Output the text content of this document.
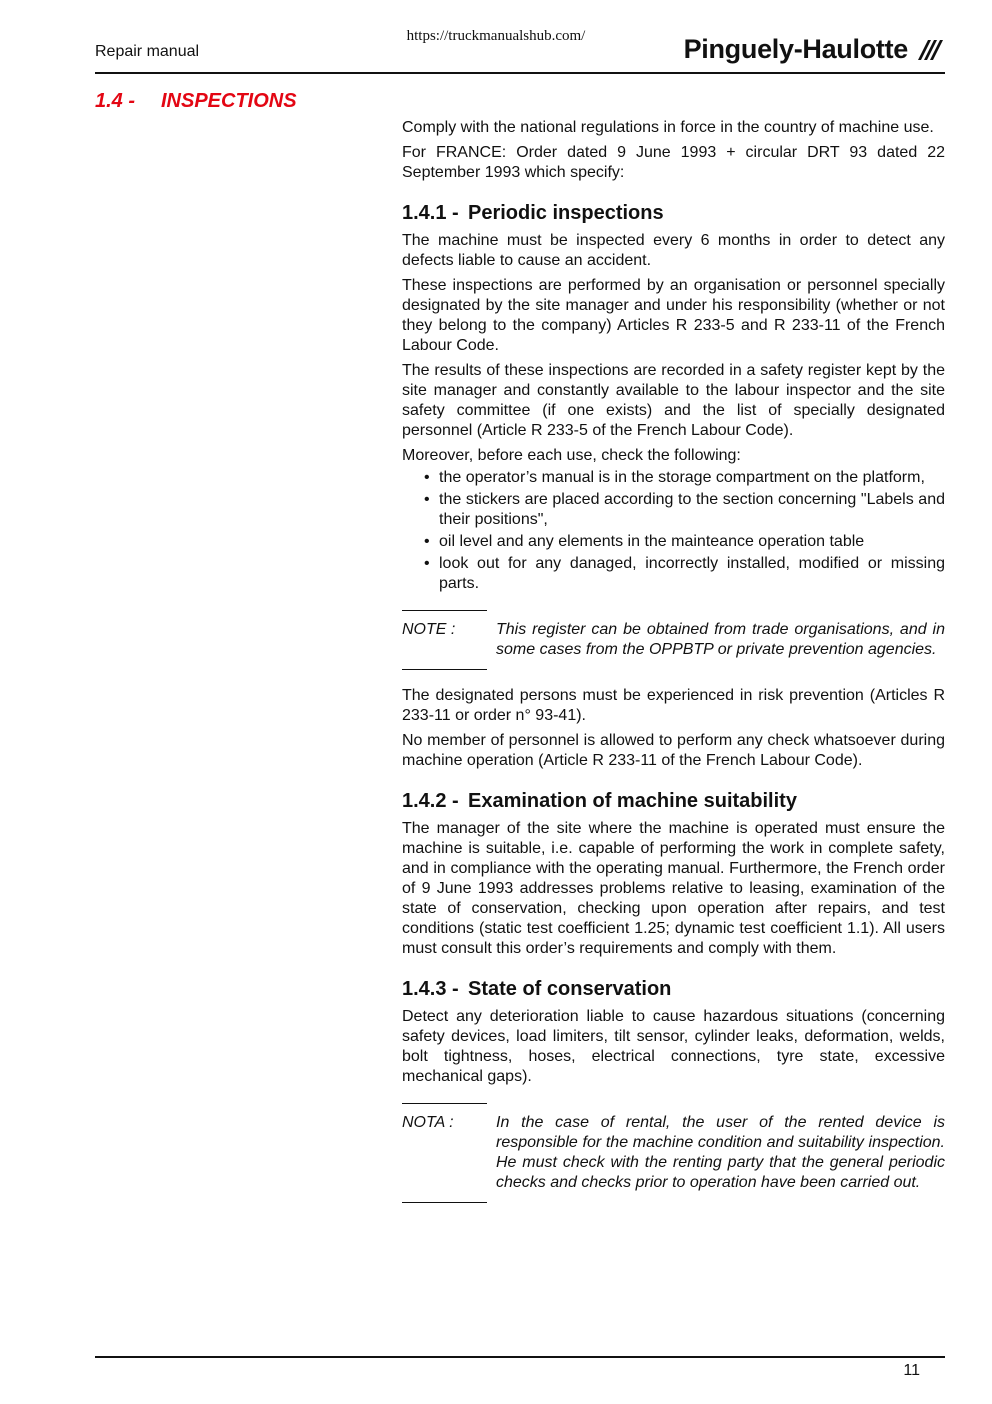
https://truckmanualshub.com/
Repair manual	Pinguely-Haulotte
1.4 - INSPECTIONS

Comply with the national regulations in force in the country of machine use.

For FRANCE: Order dated 9 June 1993 + circular DRT 93 dated 22 September 1993 which specify:

1.4.1 - Periodic inspections

The machine must be inspected every 6 months in order to detect any defects liable to cause an accident.

These inspections are performed by an organisation or personnel specially designated by the site manager and under his responsibility (whether or not they belong to the company) Articles R 233-5 and R 233-11 of the French Labour Code.

The results of these inspections are recorded in a safety register kept by the site manager and constantly available to the labour inspector and the site safety committee (if one exists) and the list of specially designated personnel (Article R 233-5 of the French Labour Code).

Moreover, before each use, check the following:

• the operator’s manual is in the storage compartment on the platform,
• the stickers are placed according to the section concerning "Labels and their positions",
• oil level and any elements in the mainteance operation table
• look out for any danaged, incorrectly installed, modified or missing parts.
NOTE :	This register can be obtained from trade organisations, and in some cases from the OPPBTP or private prevention agencies.

The designated persons must be experienced in risk prevention (Articles R 233-11 or order n° 93-41).

No member of personnel is allowed to perform any check whatsoever during machine operation (Article R 233-11 of the French Labour Code).

1.4.2 - Examination of machine suitability

The manager of the site where the machine is operated must ensure the machine is suitable, i.e. capable of performing the work in complete safety, and in compliance with the operating manual. Furthermore, the French order of 9 June 1993 addresses problems relative to leasing, examination of the state of conservation, checking upon operation after repairs, and test conditions (static test coefficient 1.25; dynamic test coefficient 1.1). All users must consult this order’s requirements and comply with them.

1.4.3 - State of conservation

Detect any deterioration liable to cause hazardous situations (concerning safety devices, load limiters, tilt sensor, cylinder leaks, deformation, welds, bolt tightness, hoses, electrical connections, tyre state, excessive mechanical gaps).

NOTA :	In the case of rental, the user of the rented device is responsible for the machine condition and suitability inspection. He must check with the renting party that the general periodic checks and checks prior to operation have been carried out.
11
